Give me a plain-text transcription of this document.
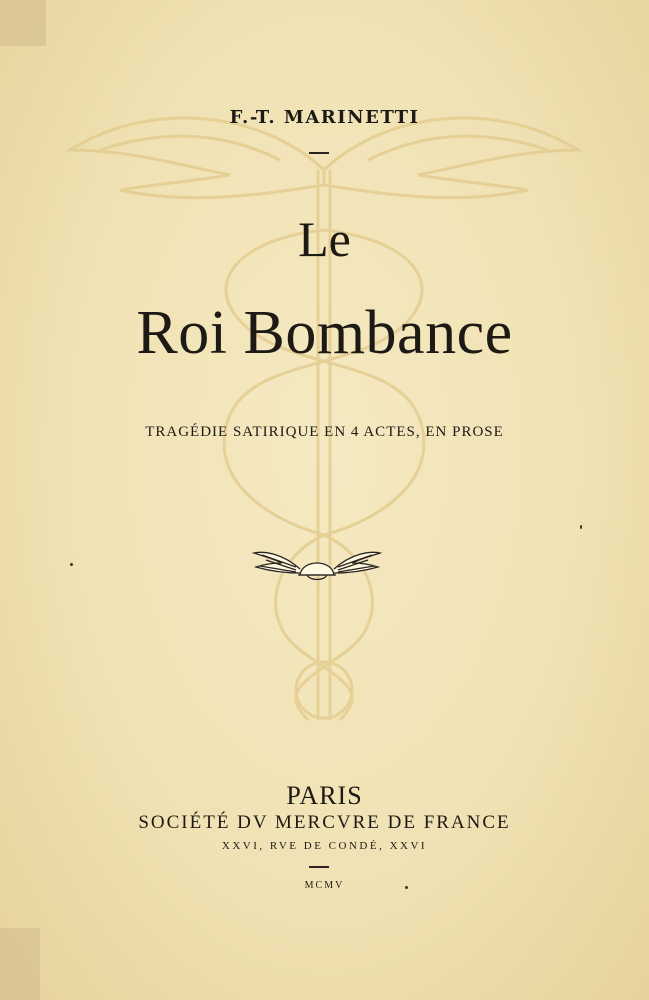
F.-T. MARINETTI
Le
Roi Bombance
TRAGÉDIE SATIRIQUE EN 4 ACTES, EN PROSE
PARIS
SOCIÉTÉ DV MERCVRE DE FRANCE
XXVI, RVE DE CONDÉ, XXVI
MCMV
